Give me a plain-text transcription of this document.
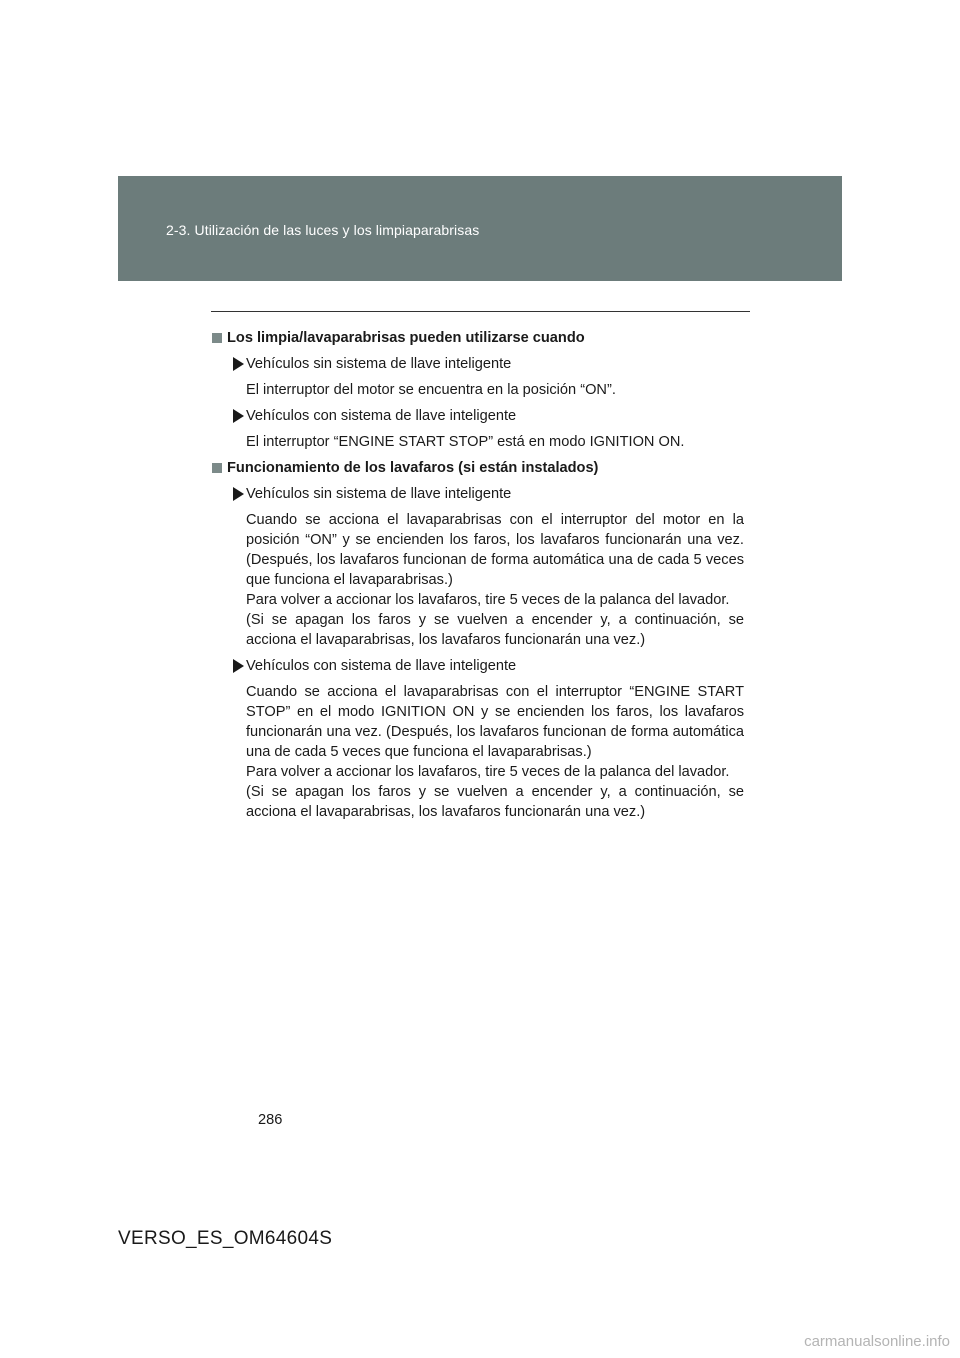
2-3. Utilización de las luces y los limpiaparabrisas
Los limpia/lavaparabrisas pueden utilizarse cuando
Vehículos sin sistema de llave inteligente
El interruptor del motor se encuentra en la posición “ON”.
Vehículos con sistema de llave inteligente
El interruptor “ENGINE START STOP” está en modo IGNITION ON.
Funcionamiento de los lavafaros (si están instalados)
Vehículos sin sistema de llave inteligente
Cuando se acciona el lavaparabrisas con el interruptor del motor en la posición “ON” y se encienden los faros, los lavafaros funcionarán una vez. (Después, los lavafaros funcionan de forma automática una de cada 5 veces que funciona el lavaparabrisas.)
Para volver a accionar los lavafaros, tire 5 veces de la palanca del lavador.
(Si se apagan los faros y se vuelven a encender y, a continuación, se acciona el lavaparabrisas, los lavafaros funcionarán una vez.)
Vehículos con sistema de llave inteligente
Cuando se acciona el lavaparabrisas con el interruptor “ENGINE START STOP” en el modo IGNITION ON y se encienden los faros, los lavafaros funcionarán una vez. (Después, los lavafaros funcionan de forma automática una de cada 5 veces que funciona el lavaparabrisas.)
Para volver a accionar los lavafaros, tire 5 veces de la palanca del lavador.
(Si se apagan los faros y se vuelven a encender y, a continuación, se acciona el lavaparabrisas, los lavafaros funcionarán una vez.)
286
VERSO_ES_OM64604S
carmanualsonline.info
